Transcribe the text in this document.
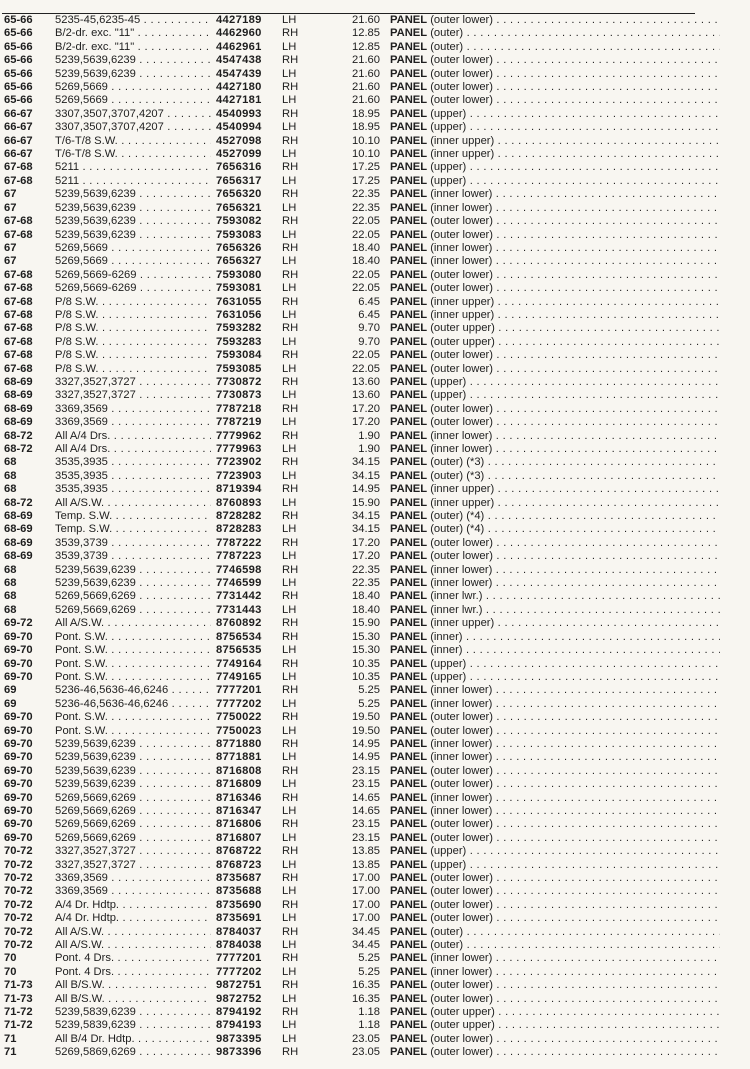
65-66	5235-45,6235-45 . . .	4427189	LH	21.60 PANEL (outer lower) . . .
65-66	B/2-dr. exc. "11" . . .	4462960	RH	12.85 PANEL (outer) . . .
65-66	B/2-dr. exc. "11" . . .	4462961	LH	12.85 PANEL (outer) . . .
65-66	5239,5639,6239 . . .	4547438	RH	21.60 PANEL (outer lower) . . .
65-66	5239,5639,6239 . . .	4547439	LH	21.60 PANEL (outer lower) . . .
65-66	5269,5669 . . .	4427180	RH	21.60 PANEL (outer lower) . . .
65-66	5269,5669 . . .	4427181	LH	21.60 PANEL (outer lower) . . .
66-67	3307,3507,3707,4207 . . .	4540993	RH	18.95 PANEL (upper) . . .
66-67	3307,3507,3707,4207 . . .	4540994	LH	18.95 PANEL (upper) . . .
66-67	T/6-T/8 S.W. . . .	4527098	RH	10.10 PANEL (inner upper) . . .
66-67	T/6-T/8 S.W. . . .	4527099	LH	10.10 PANEL (inner upper) . . .
67-68	5211 . . .	7656316	RH	17.25 PANEL (upper) . . .
67-68	5211 . . .	7656317	LH	17.25 PANEL (upper) . . .
67	5239,5639,6239 . . .	7656320	RH	22.35 PANEL (inner lower) . . .
67	5239,5639,6239 . . .	7656321	LH	22.35 PANEL (inner lower) . . .
67-68	5239,5639,6239 . . .	7593082	RH	22.05 PANEL (outer lower) . . .
67-68	5239,5639,6239 . . .	7593083	LH	22.05 PANEL (outer lower) . . .
67	5269,5669 . . .	7656326	RH	18.40 PANEL (inner lower) . . .
67	5269,5669 . . .	7656327	LH	18.40 PANEL (inner lower) . . .
67-68	5269,5669-6269 . . .	7593080	RH	22.05 PANEL (outer lower) . . .
67-68	5269,5669-6269 . . .	7593081	LH	22.05 PANEL (outer lower) . . .
67-68	P/8 S.W. . . .	7631055	RH	6.45 PANEL (inner upper) . . .
67-68	P/8 S.W. . . .	7631056	LH	6.45 PANEL (inner upper) . . .
67-68	P/8 S.W. . . .	7593282	RH	9.70 PANEL (outer upper) . . .
67-68	P/8 S.W. . . .	7593283	LH	9.70 PANEL (outer upper) . . .
67-68	P/8 S.W. . . .	7593084	RH	22.05 PANEL (outer lower) . . .
67-68	P/8 S.W. . . .	7593085	LH	22.05 PANEL (outer lower) . . .
68-69	3327,3527,3727 . . .	7730872	RH	13.60 PANEL (upper) . . .
68-69	3327,3527,3727 . . .	7730873	LH	13.60 PANEL (upper) . . .
68-69	3369,3569 . . .	7787218	RH	17.20 PANEL (outer lower) . . .
68-69	3369,3569 . . .	7787219	LH	17.20 PANEL (outer lower) . . .
68-72	All A/4 Drs. . . .	7779962	RH	1.90 PANEL (inner lower) . . .
68-72	All A/4 Drs. . . .	7779963	LH	1.90 PANEL (inner lower) . . .
68	3535,3935 . . .	7723902	RH	34.15 PANEL (outer) (*3) . . .
68	3535,3935 . . .	7723903	LH	34.15 PANEL (outer) (*3) . . .
68	3535,3935 . . .	8719394	RH	14.95 PANEL (inner upper) . . .
68-72	All A/S.W. . . .	8760893	LH	15.90 PANEL (inner upper) . . .
68-69	Temp. S.W. . . .	8728282	RH	34.15 PANEL (outer) (*4) . . .
68-69	Temp. S.W. . . .	8728283	LH	34.15 PANEL (outer) (*4) . . .
68-69	3539,3739 . . .	7787222	RH	17.20 PANEL (outer lower) . . .
68-69	3539,3739 . . .	7787223	LH	17.20 PANEL (outer lower) . . .
68	5239,5639,6239 . . .	7746598	RH	22.35 PANEL (inner lower) . . .
68	5239,5639,6239 . . .	7746599	LH	22.35 PANEL (inner lower) . . .
68	5269,5669,6269 . . .	7731442	RH	18.40 PANEL (inner lwr.) . . .
68	5269,5669,6269 . . .	7731443	LH	18.40 PANEL (inner lwr.) . . .
69-72	All A/S.W. . . .	8760892	RH	15.90 PANEL (inner upper) . . .
69-70	Pont. S.W. . . .	8756534	RH	15.30 PANEL (inner) . . .
69-70	Pont. S.W. . . .	8756535	LH	15.30 PANEL (inner) . . .
69-70	Pont. S.W. . . .	7749164	RH	10.35 PANEL (upper) . . .
69-70	Pont. S.W. . . .	7749165	LH	10.35 PANEL (upper) . . .
69	5236-46,5636-46,6246 . . .	7777201	RH	5.25 PANEL (inner lower) . . .
69	5236-46,5636-46,6246 . . .	7777202	LH	5.25 PANEL (inner lower) . . .
69-70	Pont. S.W. . . .	7750022	RH	19.50 PANEL (outer lower) . . .
69-70	Pont. S.W. . . .	7750023	LH	19.50 PANEL (outer lower) . . .
69-70	5239,5639,6239 . . .	8771880	RH	14.95 PANEL (inner lower) . . .
69-70	5239,5639,6239 . . .	8771881	LH	14.95 PANEL (inner lower) . . .
69-70	5239,5639,6239 . . .	8716808	RH	23.15 PANEL (outer lower) . . .
69-70	5239,5639,6239 . . .	8716809	LH	23.15 PANEL (outer lower) . . .
69-70	5269,5669,6269 . . .	8716346	RH	14.65 PANEL (inner lower) . . .
69-70	5269,5669,6269 . . .	8716347	LH	14.65 PANEL (inner lower) . . .
69-70	5269,5669,6269 . . .	8716806	RH	23.15 PANEL (outer lower) . . .
69-70	5269,5669,6269 . . .	8716807	LH	23.15 PANEL (outer lower) . . .
70-72	3327,3527,3727 . . .	8768722	RH	13.85 PANEL (upper) . . .
70-72	3327,3527,3727 . . .	8768723	LH	13.85 PANEL (upper) . . .
70-72	3369,3569 . . .	8735687	RH	17.00 PANEL (outer lower) . . .
70-72	3369,3569 . . .	8735688	LH	17.00 PANEL (outer lower) . . .
70-72	A/4 Dr. Hdtp. . . .	8735690	RH	17.00 PANEL (outer lower) . . .
70-72	A/4 Dr. Hdtp. . . .	8735691	LH	17.00 PANEL (outer lower) . . .
70-72	All A/S.W. . . .	8784037	RH	34.45 PANEL (outer) . . .
70-72	All A/S.W. . . .	8784038	LH	34.45 PANEL (outer) . . .
70	Pont. 4 Drs. . . .	7777201	RH	5.25 PANEL (inner lower) . . .
70	Pont. 4 Drs. . . .	7777202	LH	5.25 PANEL (inner lower) . . .
71-73	All B/S.W. . . .	9872751	RH	16.35 PANEL (outer lower) . . .
71-73	All B/S.W. . . .	9872752	LH	16.35 PANEL (outer lower) . . .
71-72	5239,5839,6239 . . .	8794192	RH	1.18 PANEL (outer upper) . . .
71-72	5239,5839,6239 . . .	8794193	LH	1.18 PANEL (outer upper) . . .
71	All B/4 Dr. Hdtp. . . .	9873395	LH	23.05 PANEL (outer lower) . . .
71	5269,5869,6269 . . .	9873396	RH	23.05 PANEL (outer lower) . . .
